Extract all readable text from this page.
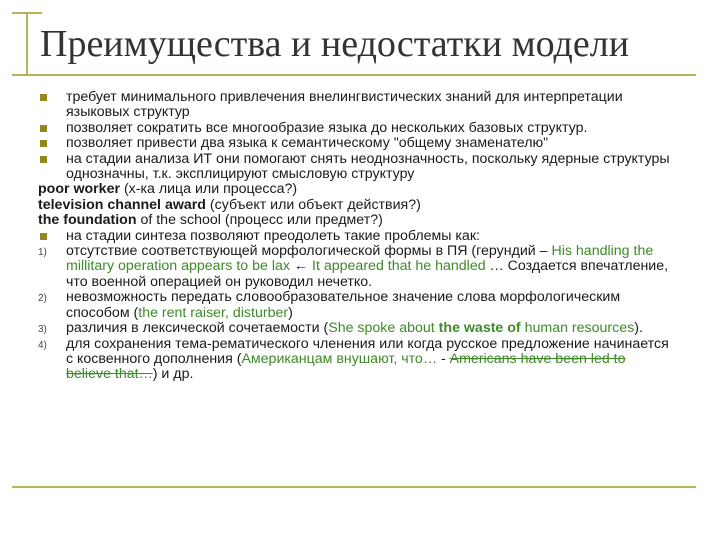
Преимущества и недостатки модели
требует минимального привлечения внелингвистических знаний для интерпретации языковых структур
позволяет сократить все многообразие языка до нескольких базовых структур.
позволяет привести два языка к семантическому "общему знаменателю"
на стадии анализа ИТ они помогают снять неоднозначность, поскольку ядерные структуры однозначны, т.к. эксплицируют смысловую структуру
poor worker (х-ка лица или процесса?)
television channel award (субъект или объект действия?)
the foundation of the school (процесс или предмет?)
на стадии синтеза позволяют преодолеть такие проблемы как:
1) отсутствие соответствующей морфологической формы в ПЯ (герундий – His handling the millitary operation appears to be lax ← It appeared that he handled … Создается впечатление, что военной операцией он руководил нечетко.
2) невозможность передать словообразовательное значение слова морфологическим способом (the rent raiser, disturber)
3) различия в лексической сочетаемости (She spoke about the waste of human resources).
4) для сохранения тема-рематического членения или когда русское предложение начинается с косвенного дополнения (Американцам внушают, что… - Americans have been led to believe that…) и др.
